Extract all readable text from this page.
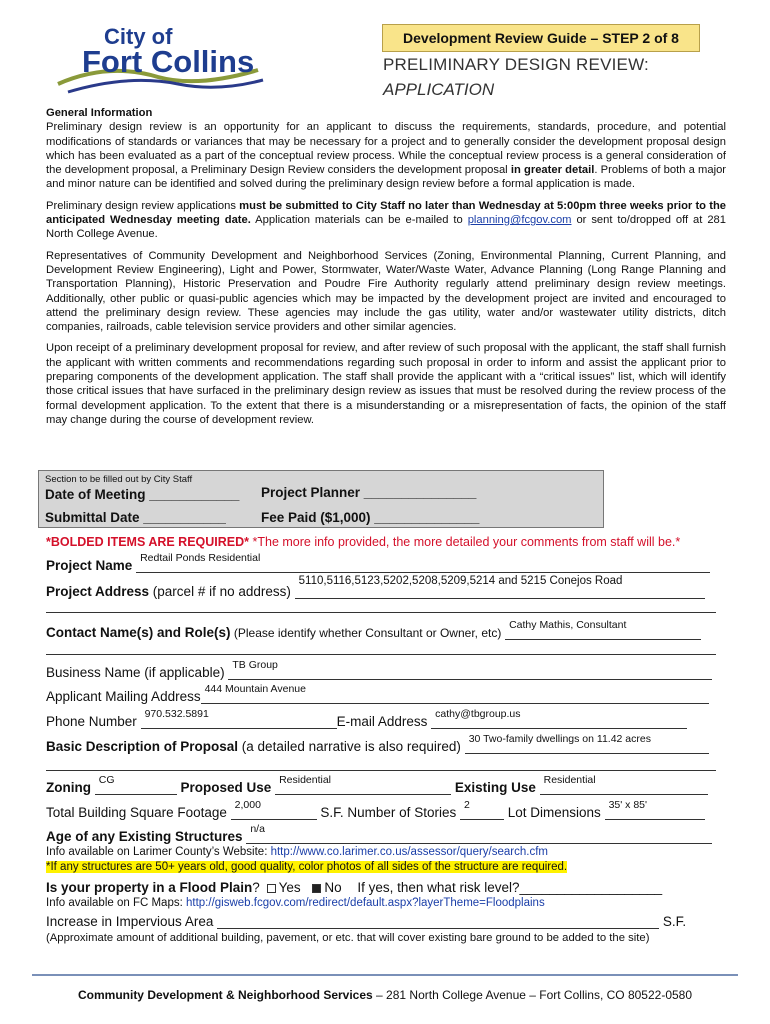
City of
Fort Collins
Development Review Guide – STEP 2 of 8
PRELIMINARY DESIGN REVIEW:
APPLICATION
General Information

Preliminary design review is an opportunity for an applicant to discuss the requirements, standards, procedure, and potential modifications of standards or variances that may be necessary for a project and to generally consider the development proposal design which has been evaluated as a part of the conceptual review process. While the conceptual review process is a general consideration of the development proposal, a Preliminary Design Review considers the development proposal in greater detail. Problems of both a major and minor nature can be identified and solved during the preliminary design review before a formal application is made.

Preliminary design review applications must be submitted to City Staff no later than Wednesday at 5:00pm three weeks prior to the anticipated Wednesday meeting date. Application materials can be e-mailed to planning@fcgov.com or sent to/dropped off at 281 North College Avenue.

Representatives of Community Development and Neighborhood Services (Zoning, Environmental Planning, Current Planning, and Development Review Engineering), Light and Power, Stormwater, Water/Waste Water, Advance Planning (Long Range Planning and Transportation Planning), Historic Preservation and Poudre Fire Authority regularly attend preliminary design review meetings. Additionally, other public or quasi-public agencies which may be impacted by the development project are invited and encouraged to attend the preliminary design review. These agencies may include the gas utility, water and/or wastewater utility districts, ditch companies, railroads, cable television service providers and other similar agencies.

Upon receipt of a preliminary development proposal for review, and after review of such proposal with the applicant, the staff shall furnish the applicant with written comments and recommendations regarding such proposal in order to inform and assist the applicant prior to preparing components of the development application. The staff shall provide the applicant with a “critical issues” list, which will identify those critical issues that have surfaced in the preliminary design review as issues that must be resolved during the review process of the formal development application. To the extent that there is a misunderstanding or a misrepresentation of facts, the opinion of the staff may change during the course of development review.

Section to be filled out by City Staff
Date of Meeting ____________ Project Planner _______________
Submittal Date ___________	Fee Paid ($1,000) ______________
*BOLDED ITEMS ARE REQUIRED* *The more info provided, the more detailed your comments from staff will be.*
Project Name Redtail Ponds Residential
Project Address (parcel # if no address)
5110,5116,5123,5202,5208,5209,5214 and 5215 Conejos Road
Contact Name(s) and Role(s) (Please identify whether Consultant or Owner, etc)
Cathy Mathis, Consultant
Business Name (if applicable) TB Group
Applicant Mailing Address 444 Mountain Avenue
Phone Number 970.532.5891	E-mail Address cathy@tbgroup.us
Basic Description of Proposal (a detailed narrative is also required) 30 Two-family dwellings on 11.42 acres
Zoning CG	Proposed Use Residential	Existing Use Residential
Total Building Square Footage 2,000	S.F. Number of Stories 2	Lot Dimensions 35' x 85'
Age of any Existing Structures n/a
Info available on Larimer County’s Website: http://www.co.larimer.co.us/assessor/query/search.cfm
*If any structures are 50+ years old, good quality, color photos of all sides of the structure are required.
Is your property in a Flood Plain? Yes No If yes, then what risk level?___________________
Info available on FC Maps: http://gisweb.fcgov.com/redirect/default.aspx?layerTheme=Floodplains
Increase in Impervious Area	S.F.
(Approximate amount of additional building, pavement, or etc. that will cover existing bare ground to be added to the site)
Community Development & Neighborhood Services – 281 North College Avenue – Fort Collins, CO 80522-0580
